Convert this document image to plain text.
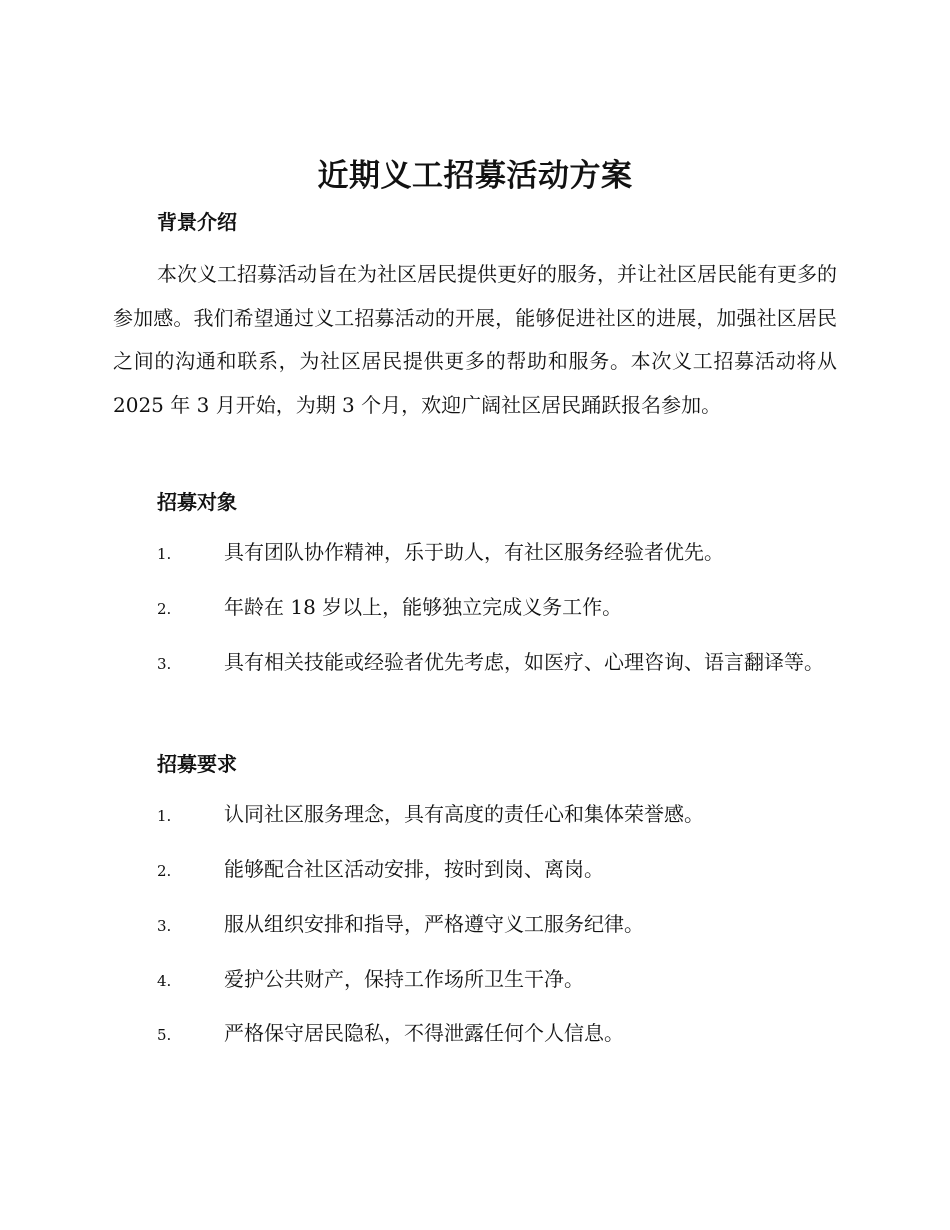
近期义工招募活动方案
背景介绍

本次义工招募活动旨在为社区居民提供更好的服务，并让社区居民能有更多的参加感。我们希望通过义工招募活动的开展，能够促进社区的进展，加强社区居民之间的沟通和联系，为社区居民提供更多的帮助和服务。本次义工招募活动将从 2025 年 3 月开始，为期 3 个月，欢迎广阔社区居民踊跃报名参加。

招募对象

1.	具有团队协作精神，乐于助人，有社区服务经验者优先。

2.	年龄在 18 岁以上，能够独立完成义务工作。

3.	具有相关技能或经验者优先考虑，如医疗、心理咨询、语言翻译等。

招募要求

1.	认同社区服务理念，具有高度的责任心和集体荣誉感。

2.	能够配合社区活动安排，按时到岗、离岗。

3.	服从组织安排和指导，严格遵守义工服务纪律。

4.	爱护公共财产，保持工作场所卫生干净。

5.	严格保守居民隐私，不得泄露任何个人信息。
